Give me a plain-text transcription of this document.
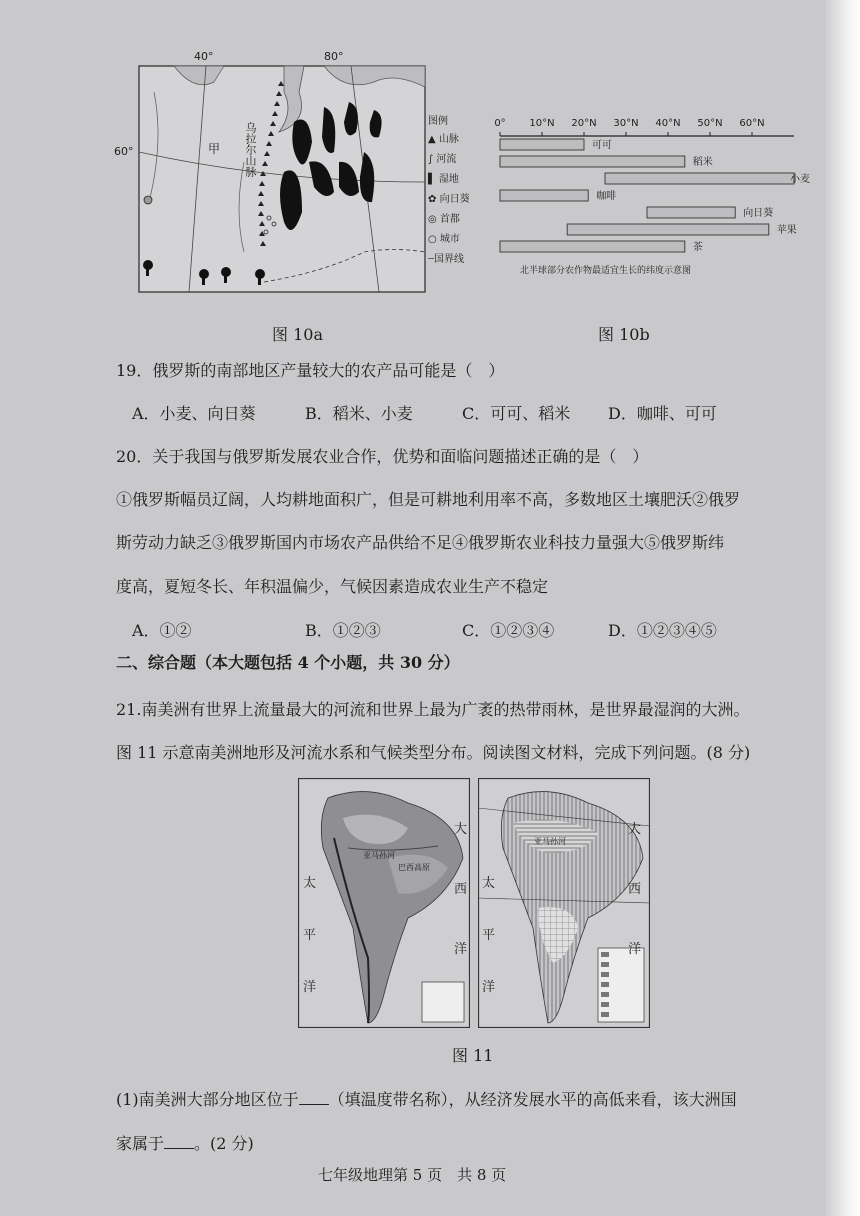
40°	80°
60°	甲 乌拉尔山脉
图例
▲ 山脉
∫ 河流
▌ 湿地
✿ 向日葵
◎ 首都
○ 城市
┄国界线
图 10a
0° 10°N 20°N 30°N 40°N 50°N 60°N
可可
稻米
小麦
咖啡
向日葵
苹果
茶
北半球部分农作物最适宜生长的纬度示意图
图 10b
19．俄罗斯的南部地区产量较大的农产品可能是（　）
A．小麦、向日葵	B．稻米、小麦	C．可可、稻米 D．咖啡、可可
20．关于我国与俄罗斯发展农业合作，优势和面临问题描述正确的是（　）
①俄罗斯幅员辽阔，人均耕地面积广，但是可耕地利用率不高，多数地区土壤肥沃②俄罗
斯劳动力缺乏③俄罗斯国内市场农产品供给不足④俄罗斯农业科技力量强大⑤俄罗斯纬
度高，夏短冬长、年积温偏少，气候因素造成农业生产不稳定
A．①②	B．①②③	C．①②③④	D．①②③④⑤
二、综合题（本大题包括 4 个小题，共 30 分）
21.南美洲有世界上流量最大的河流和世界上最为广袤的热带雨林，是世界最湿润的大洲。
图 11 示意南美洲地形及河流水系和气候类型分布。阅读图文材料，完成下列问题。(8 分)
亚马孙河
巴西高原
亚马孙河
太
平
洋
大
西
洋
太
平
洋
大
西
洋
图 11
(1)南美洲大部分地区位于 （填温度带名称），从经济发展水平的高低来看，该大洲国
家属于 。(2 分)
七年级地理第 5 页　共 8 页
